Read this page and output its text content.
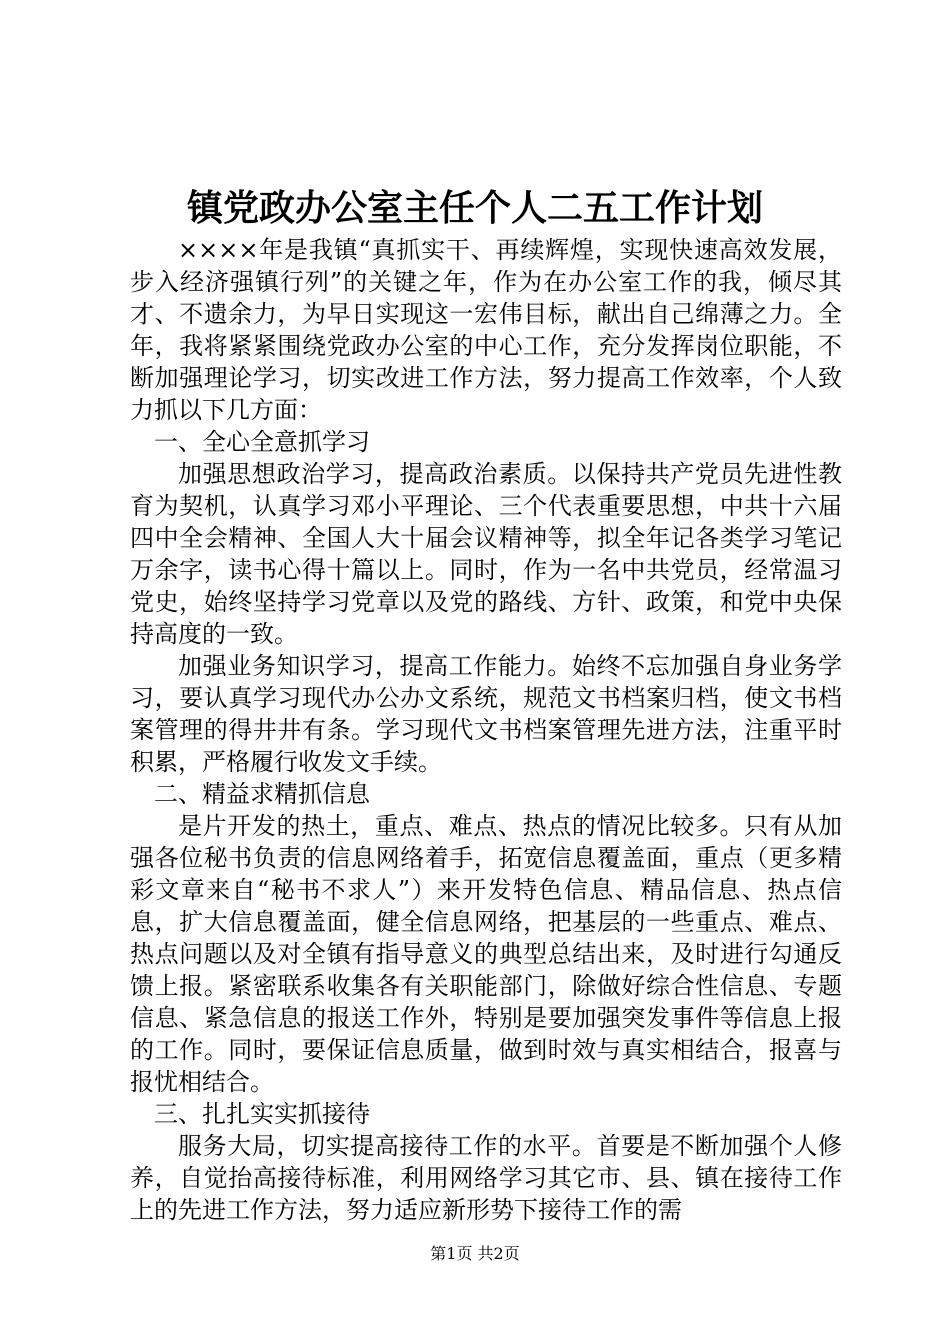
镇党政办公室主任个人二五工作计划

××××年是我镇“真抓实干、再续辉煌，实现快速高效发展，步入经济强镇行列”的关键之年，作为在办公室工作的我，倾尽其才、不遗余力，为早日实现这一宏伟目标，献出自己绵薄之力。全年，我将紧紧围绕党政办公室的中心工作，充分发挥岗位职能，不断加强理论学习，切实改进工作方法，努力提高工作效率，个人致力抓以下几方面：

一、全心全意抓学习

加强思想政治学习，提高政治素质。以保持共产党员先进性教育为契机，认真学习邓小平理论、三个代表重要思想，中共十六届四中全会精神、全国人大十届会议精神等，拟全年记各类学习笔记万余字，读书心得十篇以上。同时，作为一名中共党员，经常温习党史，始终坚持学习党章以及党的路线、方针、政策，和党中央保持高度的一致。

加强业务知识学习，提高工作能力。始终不忘加强自身业务学习，要认真学习现代办公办文系统，规范文书档案归档，使文书档案管理的得井井有条。学习现代文书档案管理先进方法，注重平时积累，严格履行收发文手续。

二、精益求精抓信息

是片开发的热土，重点、难点、热点的情况比较多。只有从加强各位秘书负责的信息网络着手，拓宽信息覆盖面，重点（更多精彩文章来自“秘书不求人”）来开发特色信息、精品信息、热点信息，扩大信息覆盖面，健全信息网络，把基层的一些重点、难点、热点问题以及对全镇有指导意义的典型总结出来，及时进行勾通反馈上报。紧密联系收集各有关职能部门，除做好综合性信息、专题信息、紧急信息的报送工作外，特别是要加强突发事件等信息上报的工作。同时，要保证信息质量，做到时效与真实相结合，报喜与报忧相结合。

三、扎扎实实抓接待

服务大局，切实提高接待工作的水平。首要是不断加强个人修养，自觉抬高接待标准，利用网络学习其它市、县、镇在接待工作上的先进工作方法，努力适应新形势下接待工作的需

第1页 共2页
